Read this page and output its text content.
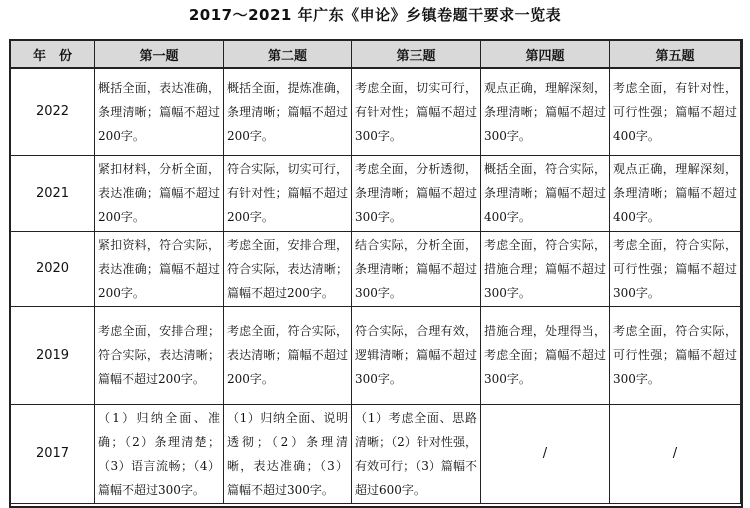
2017～2021 年广东《申论》乡镇卷题干要求一览表
年　份	第一题	第二题	第三题	第四题	第五题
2022	概括全面，表达准确，条理清晰；篇幅不超过200字。	概括全面，提炼准确，条理清晰；篇幅不超过200字。	考虑全面，切实可行，有针对性；篇幅不超过300字。	观点正确，理解深刻，条理清晰；篇幅不超过300字。	考虑全面，有针对性，可行性强；篇幅不超过400字。
2021	紧扣材料，分析全面，表达准确；篇幅不超过200字。	符合实际，切实可行，有针对性；篇幅不超过200字。	考虑全面，分析透彻，条理清晰；篇幅不超过300字。	概括全面，符合实际，条理清晰；篇幅不超过400字。	观点正确，理解深刻，条理清晰；篇幅不超过400字。
2020	紧扣资料，符合实际，表达准确；篇幅不超过200字。	考虑全面，安排合理，符合实际，表达清晰；篇幅不超过200字。	结合实际，分析全面，条理清晰；篇幅不超过300字。	考虑全面，符合实际，措施合理；篇幅不超过300字。	考虑全面，符合实际，可行性强；篇幅不超过300字。
2019	考虑全面，安排合理；符合实际，表达清晰；篇幅不超过200字。	考虑全面，符合实际，表达清晰；篇幅不超过200字。	符合实际，合理有效，逻辑清晰；篇幅不超过300字。	措施合理，处理得当，考虑全面；篇幅不超过300字。	考虑全面，符合实际，可行性强；篇幅不超过300字。
2017	（1）归纳全面、准确；（2）条理清楚；（3）语言流畅；（4）篇幅不超过300字。	（1）归纳全面、说明透彻；（2）条理清晰，表达准确；（3）篇幅不超过300字。	（1）考虑全面、思路清晰；（2）针对性强，有效可行；（3）篇幅不超过600字。	/	/
